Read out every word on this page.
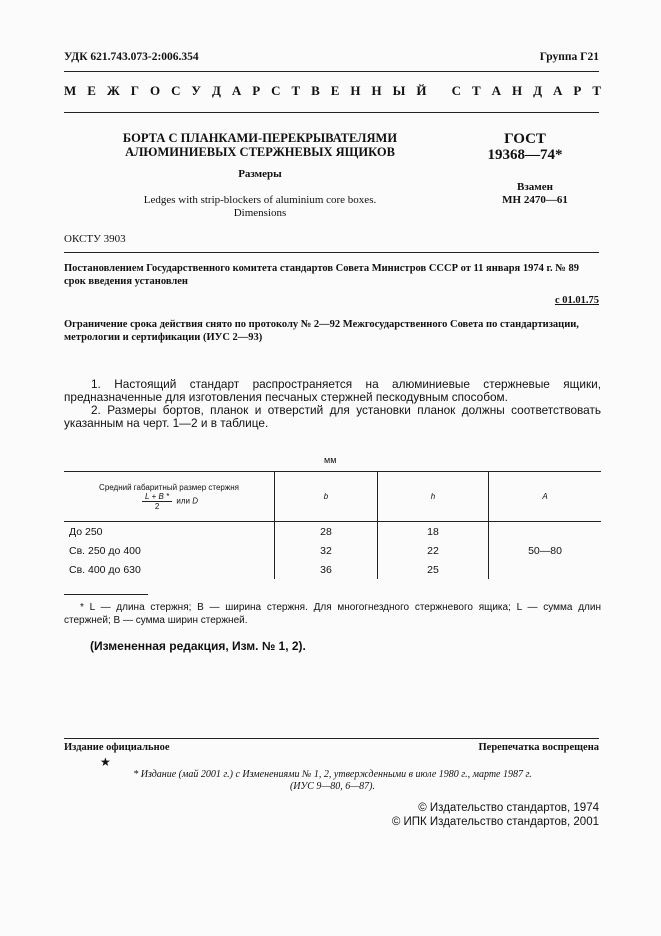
УДК 621.743.073-2:006.354	Группа Г21
М Е Ж Г О С У Д А Р С Т В Е Н Н Ы Й
С Т А Н Д А Р Т
БОРТА С ПЛАНКАМИ-ПЕРЕКРЫВАТЕЛЯМИ
АЛЮМИНИЕВЫХ СТЕРЖНЕВЫХ ЯЩИКОВ
ГОСТ
19368—74*
Размеры
Ledges with strip-blockers of aluminium core boxes.
Dimensions
Взамен
МН 2470—61
ОКСТУ 3903
Постановлением Государственного комитета стандартов Совета Министров СССР от 11 января 1974 г. № 89 срок введения установлен
с 01.01.75
Ограничение срока действия снято по протоколу № 2—92 Межгосударственного Совета по стандартизации, метрологии и сертификации (ИУС 2—93)
1. Настоящий стандарт распространяется на алюминиевые стержневые ящики, предназначенные для изготовления песчаных стержней пескодувным способом.
2. Размеры бортов, планок и отверстий для установки планок должны соответствовать указанным на черт. 1—2 и в таблице.
мм
Средний габаритный размер стержня

$\frac{L + B *}{2}$ или D	b	h	A
До 250	28	18	50—80
Св. 250 до 400	32	22	
Св. 400 до 630	36	25	
* L — длина стержня; B — ширина стержня. Для многогнездного стержневого ящика; L — сумма длин стержней; B — сумма ширин стержней.
(Измененная редакция, Изм. № 1, 2).
Издание официальное	Перепечатка воспрещена
★
* Издание (май 2001 г.) с Изменениями № 1, 2, утвержденными в июле 1980 г., марте 1987 г.
(ИУС 9—80, 6—87).
© Издательство стандартов, 1974
© ИПК Издательство стандартов, 2001
